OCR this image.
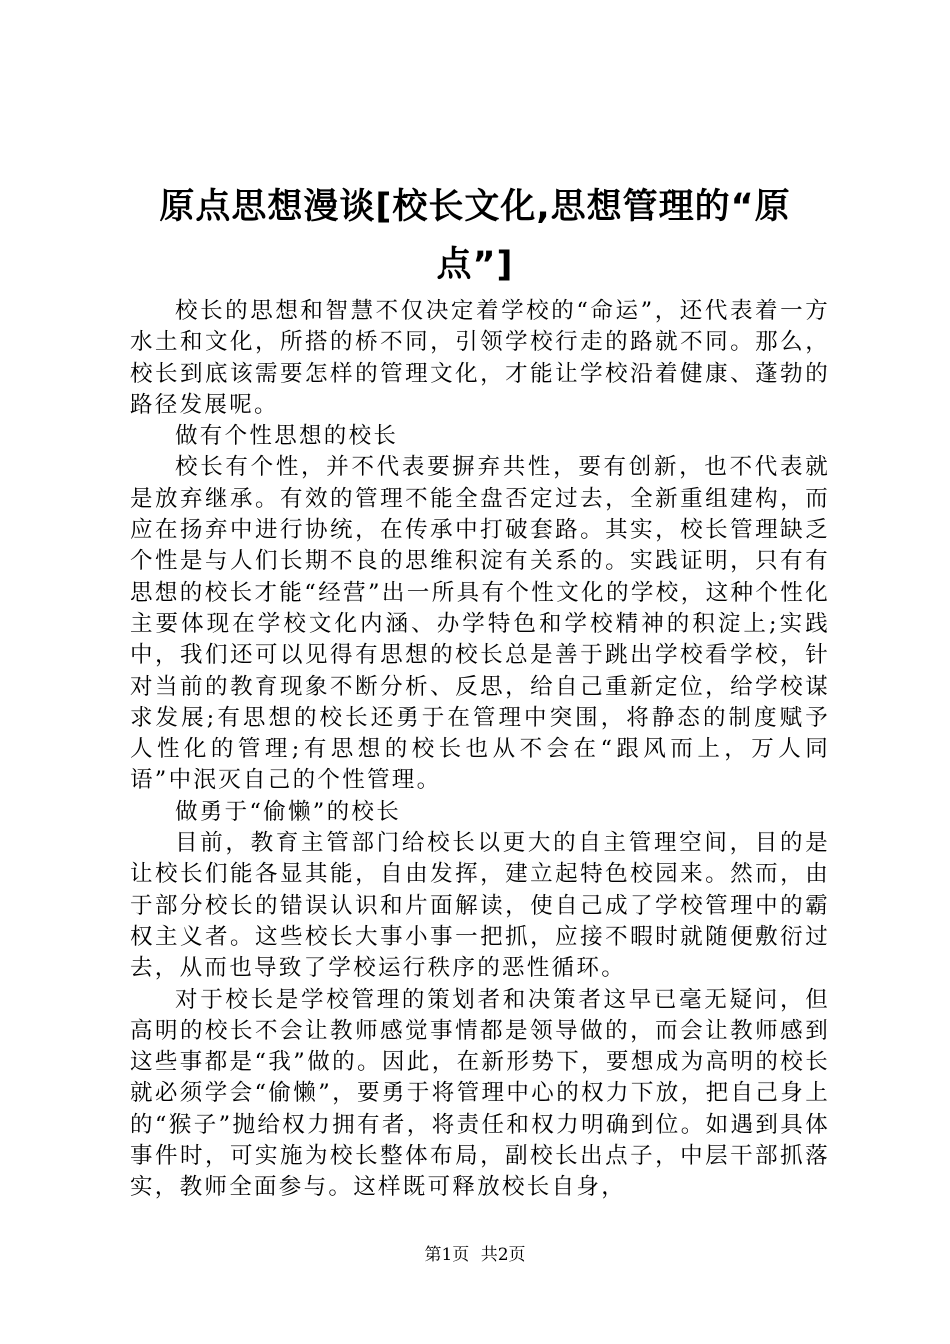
原点思想漫谈[校长文化,思想管理的“原点”]

校长的思想和智慧不仅决定着学校的“命运”，还代表着一方水土和文化，所搭的桥不同，引领学校行走的路就不同。那么，校长到底该需要怎样的管理文化，才能让学校沿着健康、蓬勃的路径发展呢。

做有个性思想的校长

校长有个性，并不代表要摒弃共性，要有创新，也不代表就是放弃继承。有效的管理不能全盘否定过去，全新重组建构，而应在扬弃中进行协统，在传承中打破套路。其实，校长管理缺乏个性是与人们长期不良的思维积淀有关系的。实践证明，只有有思想的校长才能“经营”出一所具有个性文化的学校，这种个性化主要体现在学校文化内涵、办学特色和学校精神的积淀上;实践中，我们还可以见得有思想的校长总是善于跳出学校看学校，针对当前的教育现象不断分析、反思，给自己重新定位，给学校谋求发展;有思想的校长还勇于在管理中突围，将静态的制度赋予人性化的管理;有思想的校长也从不会在“跟风而上，万人同语”中泯灭自己的个性管理。

做勇于“偷懒”的校长

目前，教育主管部门给校长以更大的自主管理空间，目的是让校长们能各显其能，自由发挥，建立起特色校园来。然而，由于部分校长的错误认识和片面解读，使自己成了学校管理中的霸权主义者。这些校长大事小事一把抓，应接不暇时就随便敷衍过去，从而也导致了学校运行秩序的恶性循环。

对于校长是学校管理的策划者和决策者这早已毫无疑问，但高明的校长不会让教师感觉事情都是领导做的，而会让教师感到这些事都是“我”做的。因此，在新形势下，要想成为高明的校长就必须学会“偷懒”，要勇于将管理中心的权力下放，把自己身上的“猴子”抛给权力拥有者，将责任和权力明确到位。如遇到具体事件时，可实施为校长整体布局，副校长出点子，中层干部抓落实，教师全面参与。这样既可释放校长自身，

第1页 共2页
